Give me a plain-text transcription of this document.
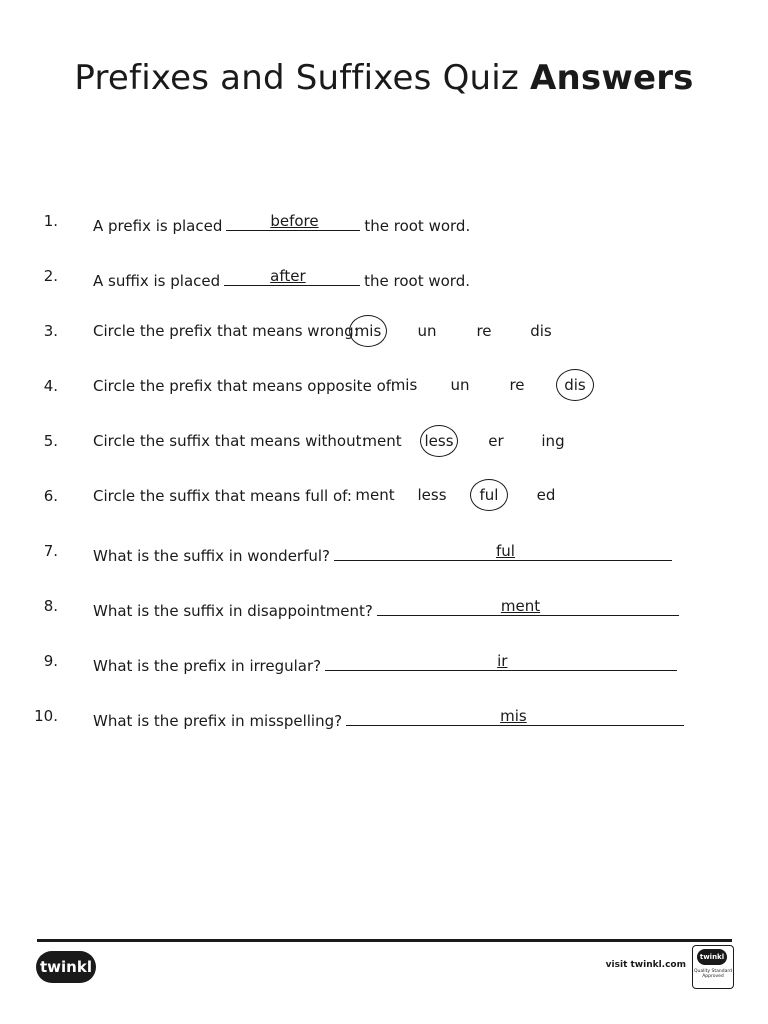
Prefixes and Suffixes Quiz Answers
1. A prefix is placed	before	the root word.
2. A suffix is placed	after	the root word.
3. Circle the prefix that means wrong:
mis	un	re	dis
4. Circle the prefix that means opposite of:
mis	un	re	dis
5. Circle the suffix that means without:
ment less	er	ing
6. Circle the suffix that means full of: ment	less	ful	ed
7. What is the suffix in wonderful?	ful
8. What is the suffix in disappointment?	ment
9. What is the prefix in irregular?	ir
10. What is the prefix in misspelling?	mis
twinkl	visit twinkl.com
twinkl
Quality Standard Approved
